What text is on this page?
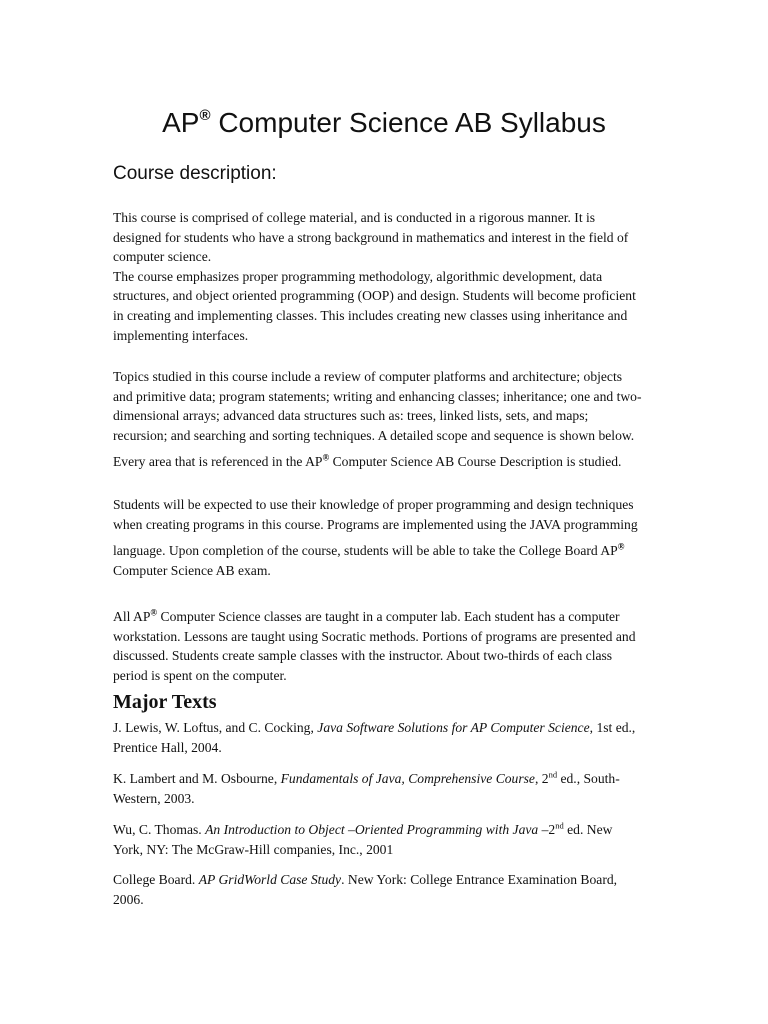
AP® Computer Science AB Syllabus
Course description:

This course is comprised of college material, and is conducted in a rigorous manner. It is
designed for students who have a strong background in mathematics and interest in the field of
computer science.
The course emphasizes proper programming methodology, algorithmic development, data
structures, and object oriented programming (OOP) and design. Students will become proficient
in creating and implementing classes. This includes creating new classes using inheritance and
implementing interfaces.

Topics studied in this course include a review of computer platforms and architecture; objects
and primitive data; program statements; writing and enhancing classes; inheritance; one and two-
dimensional arrays; advanced data structures such as: trees, linked lists, sets, and maps;
recursion; and searching and sorting techniques. A detailed scope and sequence is shown below.
Every area that is referenced in the AP® Computer Science AB Course Description is studied.

Students will be expected to use their knowledge of proper programming and design techniques
when creating programs in this course. Programs are implemented using the JAVA programming
language. Upon completion of the course, students will be able to take the College Board AP®
Computer Science AB exam.

All AP® Computer Science classes are taught in a computer lab. Each student has a computer
workstation. Lessons are taught using Socratic methods. Portions of programs are presented and
discussed. Students create sample classes with the instructor. About two-thirds of each class
period is spent on the computer.

Major Texts

J. Lewis, W. Loftus, and C. Cocking, Java Software Solutions for AP Computer Science, 1st ed.,
Prentice Hall, 2004.

K. Lambert and M. Osbourne, Fundamentals of Java, Comprehensive Course, 2nd ed., South-
Western, 2003.

Wu, C. Thomas. An Introduction to Object –Oriented Programming with Java –2nd ed. New
York, NY: The McGraw-Hill companies, Inc., 2001

College Board. AP GridWorld Case Study. New York: College Entrance Examination Board,
2006.
